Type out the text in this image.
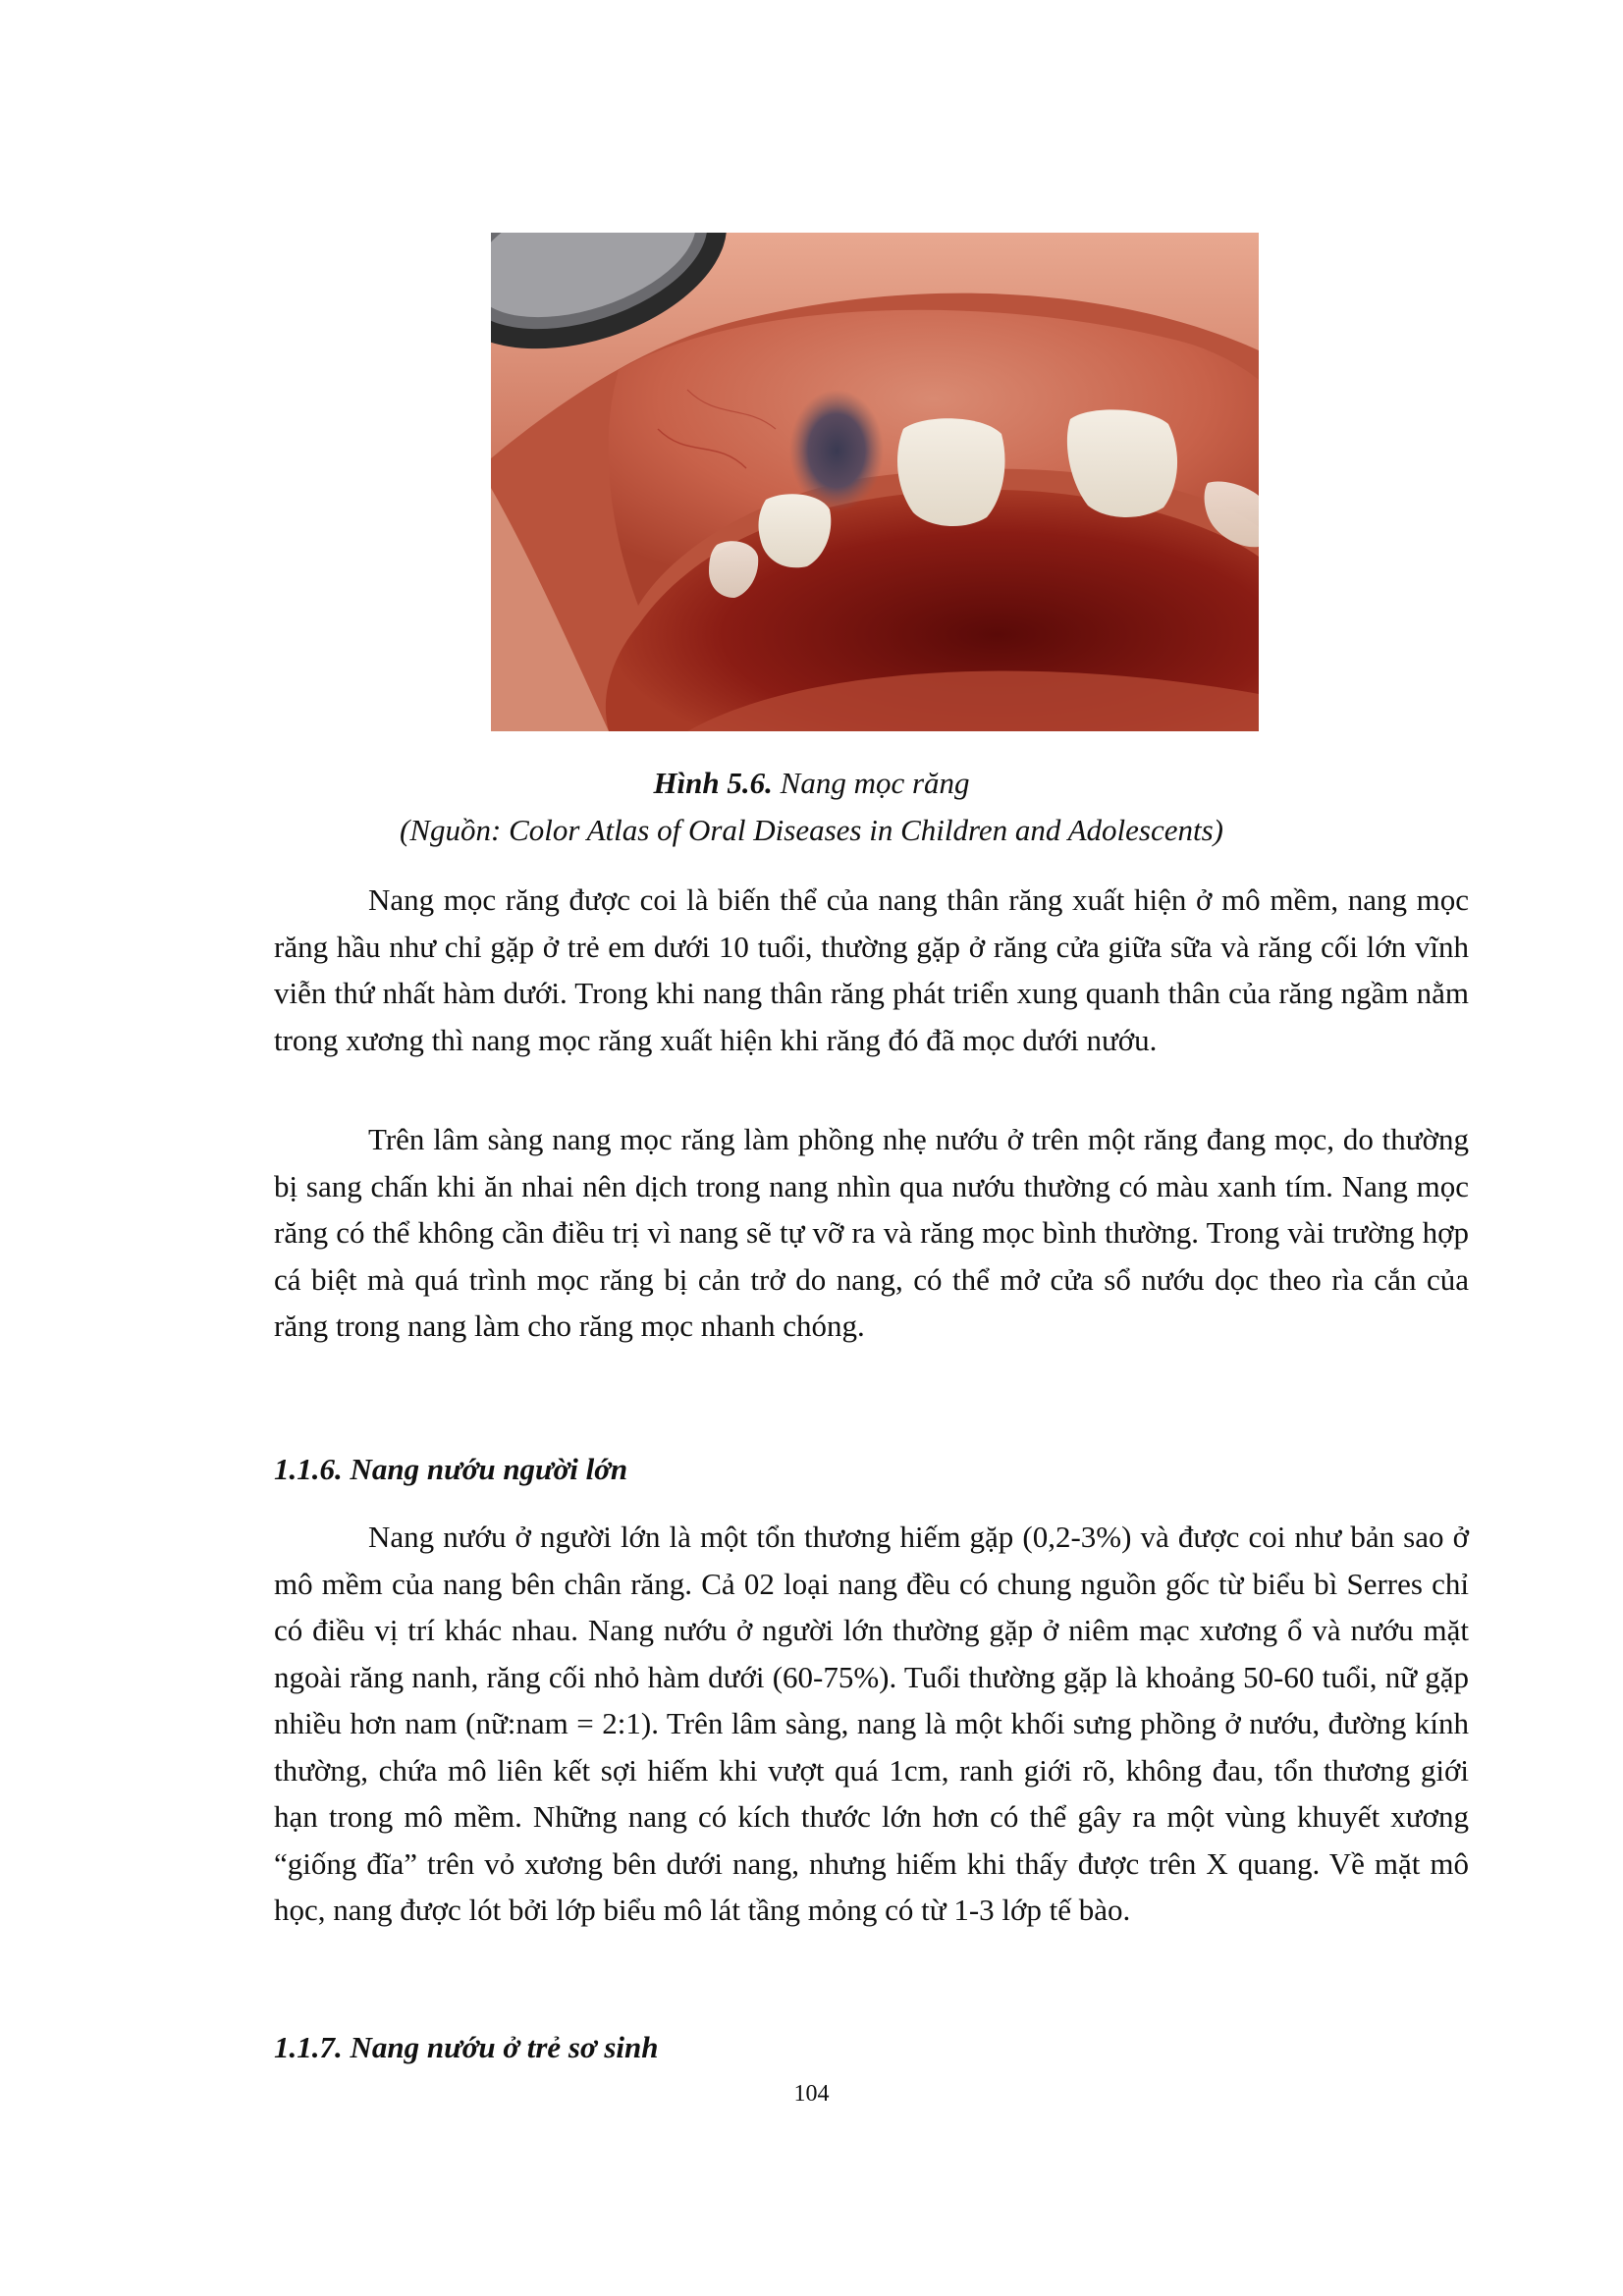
Hình 5.6. Nang mọc răng
(Nguồn: Color Atlas of Oral Diseases in Children and Adolescents)

Nang mọc răng được coi là biến thể của nang thân răng xuất hiện ở mô mềm, nang mọc răng hầu như chỉ gặp ở trẻ em dưới 10 tuổi, thường gặp ở răng cửa giữa sữa và răng cối lớn vĩnh viễn thứ nhất hàm dưới. Trong khi nang thân răng phát triển xung quanh thân của răng ngầm nằm trong xương thì nang mọc răng xuất hiện khi răng đó đã mọc dưới nướu.

Trên lâm sàng nang mọc răng làm phồng nhẹ nướu ở trên một răng đang mọc, do thường bị sang chấn khi ăn nhai nên dịch trong nang nhìn qua nướu thường có màu xanh tím. Nang mọc răng có thể không cần điều trị vì nang sẽ tự vỡ ra và răng mọc bình thường. Trong vài trường hợp cá biệt mà quá trình mọc răng bị cản trở do nang, có thể mở cửa sổ nướu dọc theo rìa cắn của răng trong nang làm cho răng mọc nhanh chóng.

1.1.6. Nang nướu người lớn

Nang nướu ở người lớn là một tổn thương hiếm gặp (0,2-3%) và được coi như bản sao ở mô mềm của nang bên chân răng. Cả 02 loại nang đều có chung nguồn gốc từ biểu bì Serres chỉ có điều vị trí khác nhau. Nang nướu ở người lớn thường gặp ở niêm mạc xương ổ và nướu mặt ngoài răng nanh, răng cối nhỏ hàm dưới (60-75%). Tuổi thường gặp là khoảng 50-60 tuổi, nữ gặp nhiều hơn nam (nữ:nam = 2:1). Trên lâm sàng, nang là một khối sưng phồng ở nướu, đường kính thường, chứa mô liên kết sợi hiếm khi vượt quá 1cm, ranh giới rõ, không đau, tổn thương giới hạn trong mô mềm. Những nang có kích thước lớn hơn có thể gây ra một vùng khuyết xương “giống đĩa” trên vỏ xương bên dưới nang, nhưng hiếm khi thấy được trên X quang. Về mặt mô học, nang được lót bởi lớp biểu mô lát tầng mỏng có từ 1-3 lớp tế bào.

1.1.7. Nang nướu ở trẻ sơ sinh
104
